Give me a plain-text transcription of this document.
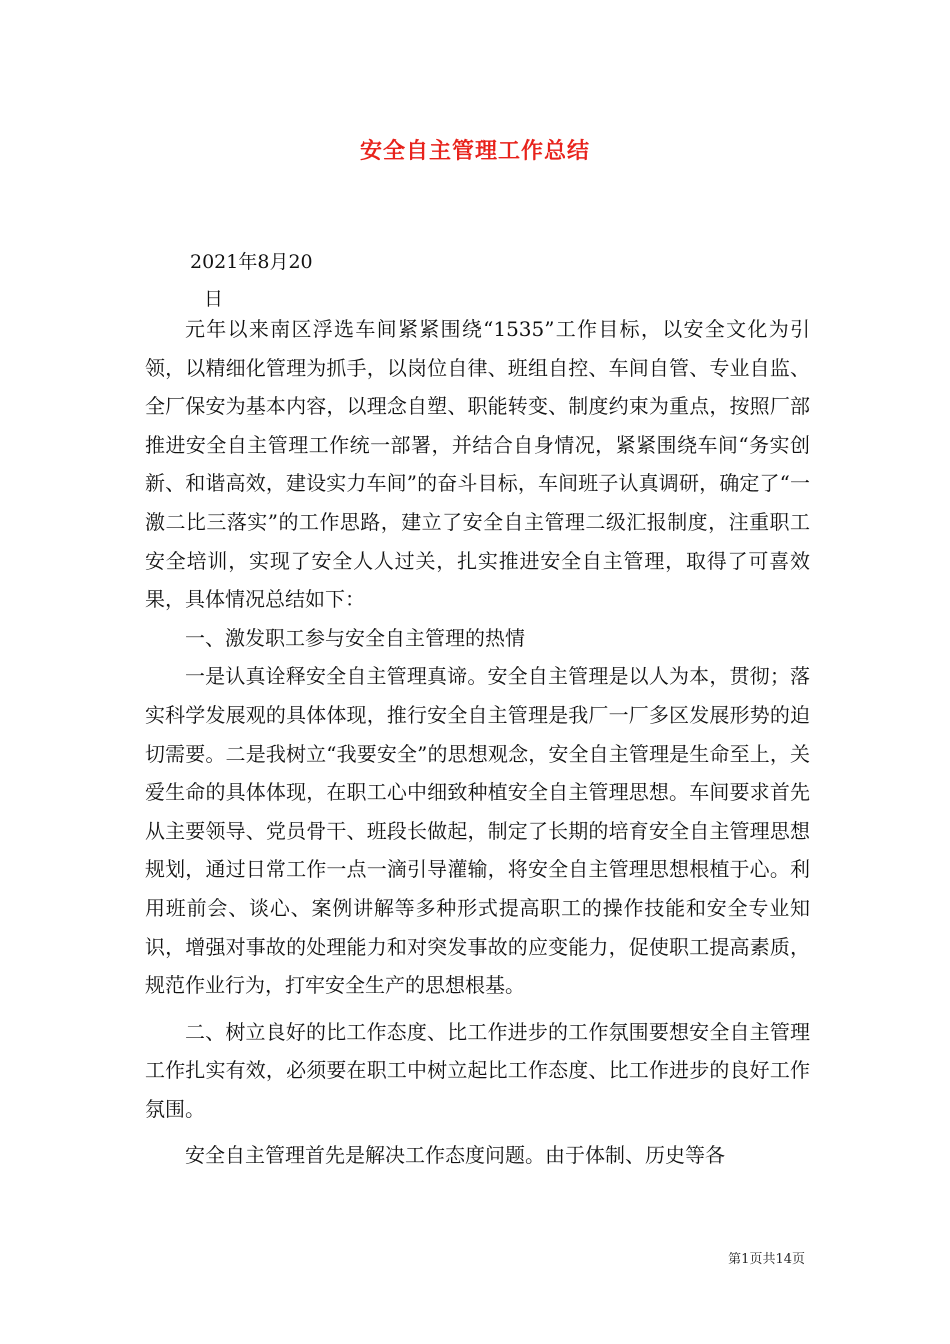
安全自主管理工作总结
2021年8月20
日

元年以来南区浮选车间紧紧围绕“1535”工作目标，以安全文化为引领，以精细化管理为抓手，以岗位自律、班组自控、车间自管、专业自监、全厂保安为基本内容，以理念自塑、职能转变、制度约束为重点，按照厂部推进安全自主管理工作统一部署，并结合自身情况，紧紧围绕车间“务实创新、和谐高效，建设实力车间”的奋斗目标，车间班子认真调研，确定了“一激二比三落实”的工作思路，建立了安全自主管理二级汇报制度，注重职工安全培训，实现了安全人人过关，扎实推进安全自主管理，取得了可喜效果，具体情况总结如下：

一、激发职工参与安全自主管理的热情

一是认真诠释安全自主管理真谛。安全自主管理是以人为本，贯彻；落实科学发展观的具体体现，推行安全自主管理是我厂一厂多区发展形势的迫切需要。二是我树立“我要安全”的思想观念，安全自主管理是生命至上，关爱生命的具体体现，在职工心中细致种植安全自主管理思想。车间要求首先从主要领导、党员骨干、班段长做起，制定了长期的培育安全自主管理思想规划，通过日常工作一点一滴引导灌输，将安全自主管理思想根植于心。利用班前会、谈心、案例讲解等多种形式提高职工的操作技能和安全专业知识，增强对事故的处理能力和对突发事故的应变能力，促使职工提高素质，规范作业行为，打牢安全生产的思想根基。

二、树立良好的比工作态度、比工作进步的工作氛围要想安全自主管理工作扎实有效，必须要在职工中树立起比工作态度、比工作进步的良好工作氛围。

安全自主管理首先是解决工作态度问题。由于体制、历史等各

第1页共14页
